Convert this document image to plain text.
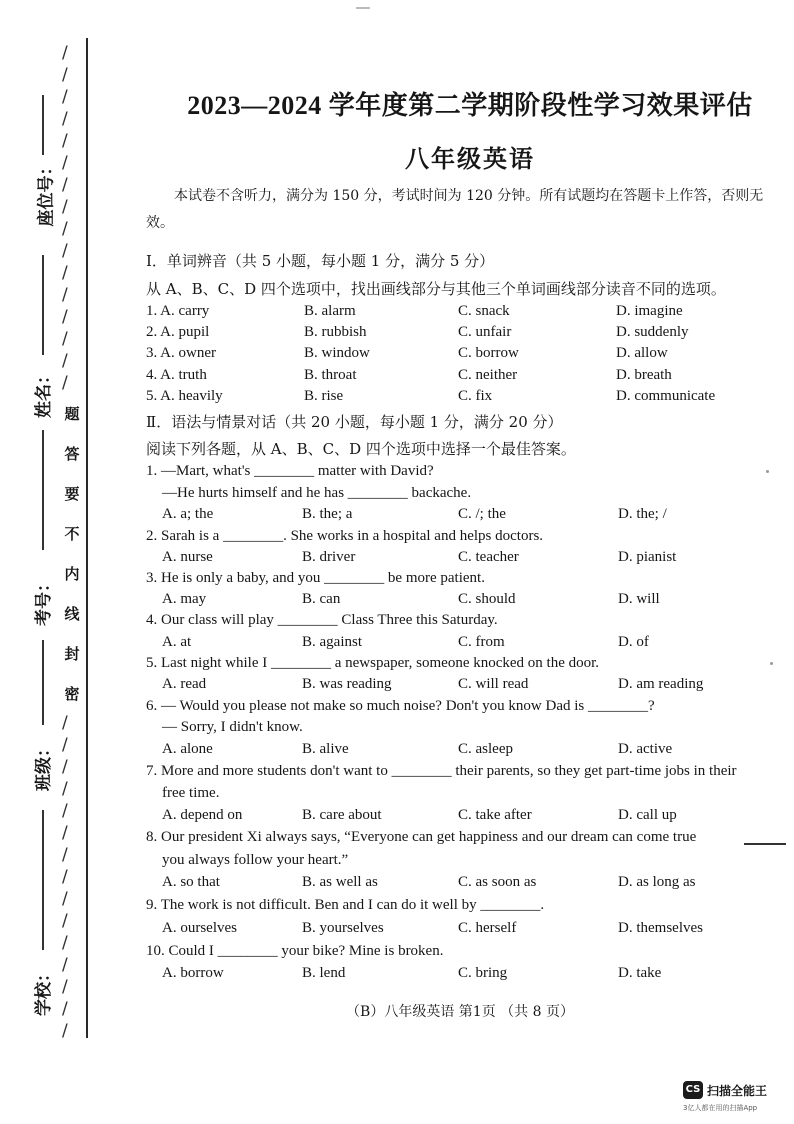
/
/
/
/
/
/
/
/
/
/
/
/
/
/
/
/
题
答
要
不
内
线
封
密
/
/
/
/
/
/
/
/
/
/
/
/
/
/
/
座位号：
姓名：
考号：
班级：
学校：
2023—2024 学年度第二学期阶段性学习效果评估
八年级英语
本试卷不含听力，满分为 150 分，考试时间为 120 分钟。所有试题均在答题卡上作答，否则无效。
Ⅰ．单词辨音（共 5 小题，每小题 1 分，满分 5 分）
从 A、B、C、D 四个选项中，找出画线部分与其他三个单词画线部分读音不同的选项。
1. A. carry	B. alarm	C. snack	D. imagine
2. A. pupil	B. rubbish	C. unfair	D. suddenly
3. A. owner	B. window	C. borrow	D. allow
4. A. truth	B. throat	C. neither	D. breath
5. A. heavily	B. rise	C. fix	D. communicate
Ⅱ．语法与情景对话（共 20 小题，每小题 1 分，满分 20 分）
阅读下列各题，从 A、B、C、D 四个选项中选择一个最佳答案。
1. —Mart, what's ________ matter with David?
—He hurts himself and he has ________ backache.
A. a; the	B. the; a	C. /; the	D. the; /
2. Sarah is a ________. She works in a hospital and helps doctors.
A. nurse	B. driver	C. teacher	D. pianist
3. He is only a baby, and you ________ be more patient.
A. may	B. can	C. should	D. will
4. Our class will play ________ Class Three this Saturday.
A. at	B. against	C. from	D. of
5. Last night while I ________ a newspaper, someone knocked on the door.
A. read	B. was reading	C. will read	D. am reading
6. — Would you please not make so much noise? Don't you know Dad is ________?
— Sorry, I didn't know.
A. alone	B. alive	C. asleep	D. active
7. More and more students don't want to ________ their parents, so they get part-time jobs in their
free time.
A. depend on	B. care about	C. take after	D. call up
8. Our president Xi always says, “Everyone can get happiness and our dream can come true
you always follow your heart.”
A. so that	B. as well as	C. as soon as	D. as long as
9. The work is not difficult. Ben and I can do it well by ________.
A. ourselves	B. yourselves	C. herself	D. themselves
10. Could I ________ your bike? Mine is broken.
A. borrow	B. lend	C. bring	D. take
（B）八年级英语 第1页 （共 8 页）
CS 扫描全能王
3亿人都在用的扫描App
